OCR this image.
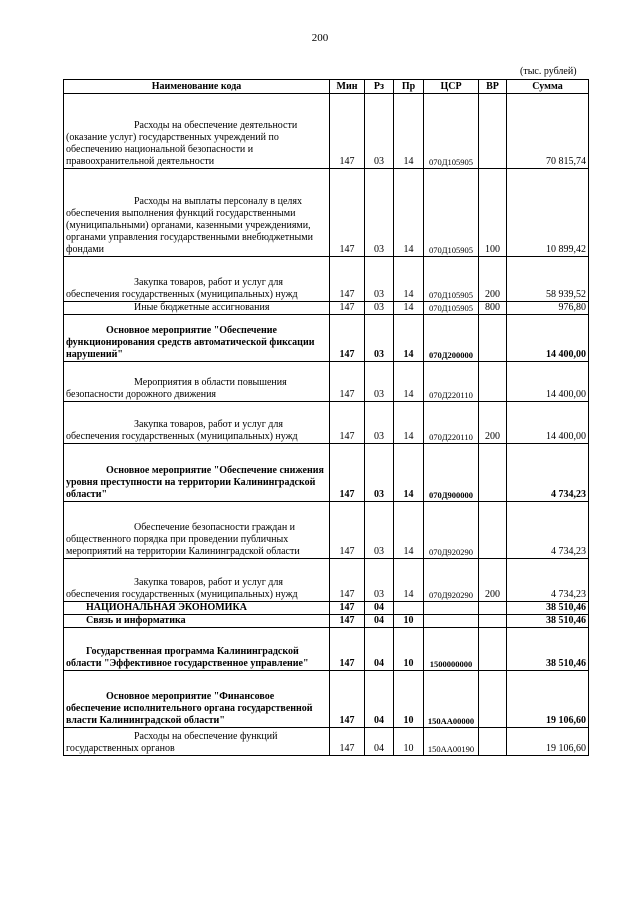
200
(тыс. рублей)
Наименование кода	Мин	Рз	Пр	ЦСР	ВР	Сумма

Расходы на обеспечение деятельности (оказание услуг) государственных учреждений по обеспечению национальной безопасности и правоохранительной деятельности	147	03	14	070Д105905		70 815,74

Расходы на выплаты персоналу в целях обеспечения выполнения функций государственными (муниципальными) органами, казенными учреждениями, органами управления государственными внебюджетными фондами	147	03	14	070Д105905	100	10 899,42

Закупка товаров, работ и услуг для обеспечения государственных (муниципальных) нужд	147	03	14	070Д105905	200	58 939,52

Иные бюджетные ассигнования	147	03	14	070Д105905	800	976,80

Основное мероприятие "Обеспечение функционирования средств автоматической фиксации нарушений"	147	03	14	070Д200000		14 400,00

Мероприятия в области повышения безопасности дорожного движения	147	03	14	070Д220110		14 400,00

Закупка товаров, работ и услуг для обеспечения государственных (муниципальных) нужд	147	03	14	070Д220110	200	14 400,00

Основное мероприятие "Обеспечение снижения уровня преступности на территории Калининградской области"	147	03	14	070Д900000		4 734,23

Обеспечение безопасности граждан и общественного порядка при проведении публичных мероприятий на территории Калининградской области	147	03	14	070Д920290		4 734,23

Закупка товаров, работ и услуг для обеспечения государственных (муниципальных) нужд	147	03	14	070Д920290	200	4 734,23

НАЦИОНАЛЬНАЯ ЭКОНОМИКА	147	04				38 510,46

Связь и информатика	147	04	10			38 510,46

Государственная программа Калининградской области "Эффективное государственное управление"	147	04	10	1500000000		38 510,46

Основное мероприятие "Финансовое обеспечение исполнительного органа государственной власти Калининградской области"	147	04	10	150АА00000		19 106,60

Расходы на обеспечение функций государственных органов	147	04	10	150АА00190		19 106,60
